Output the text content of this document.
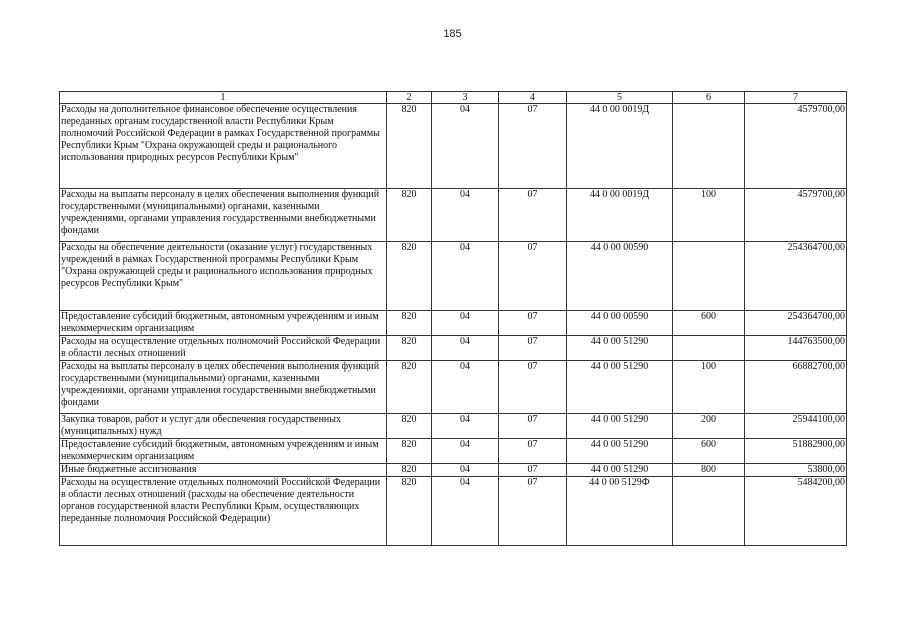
185
1	2	3	4	5	6	7
Расходы на дополнительное финансовое обеспечение осуществления переданных органам государственной власти Республики Крым полномочий Российской Федерации в рамках Государственной программы Республики Крым "Охрана окружающей среды и рационального использования природных ресурсов Республики Крым"	820	04	07	44 0 00 0019Д		4579700,00
Расходы на выплаты персоналу в целях обеспечения выполнения функций государственными (муниципальными) органами, казенными учреждениями, органами управления государственными внебюджетными фондами	820	04	07	44 0 00 0019Д	100	4579700,00
Расходы на обеспечение деятельности (оказание услуг) государственных учреждений в рамках Государственной программы Республики Крым "Охрана окружающей среды и рационального использования природных ресурсов Республики Крым"	820	04	07	44 0 00 00590		254364700,00
Предоставление субсидий бюджетным, автономным учреждениям и иным некоммерческим организациям	820	04	07	44 0 00 00590	600	254364700,00
Расходы на осуществление отдельных полномочий Российской Федерации в области лесных отношений	820	04	07	44 0 00 51290		144763500,00
Расходы на выплаты персоналу в целях обеспечения выполнения функций государственными (муниципальными) органами, казенными учреждениями, органами управления государственными внебюджетными фондами	820	04	07	44 0 00 51290	100	66882700,00
Закупка товаров, работ и услуг для обеспечения государственных (муниципальных) нужд	820	04	07	44 0 00 51290	200	25944100,00
Предоставление субсидий бюджетным, автономным учреждениям и иным некоммерческим организациям	820	04	07	44 0 00 51290	600	51882900,00
Иные бюджетные ассигнования	820	04	07	44 0 00 51290	800	53800,00
Расходы на осуществление отдельных полномочий Российской Федерации в области лесных отношений (расходы на обеспечение деятельности органов государственной власти Республики Крым, осуществляющих переданные полномочия Российской Федерации)	820	04	07	44 0 00 5129Ф		5484200,00
